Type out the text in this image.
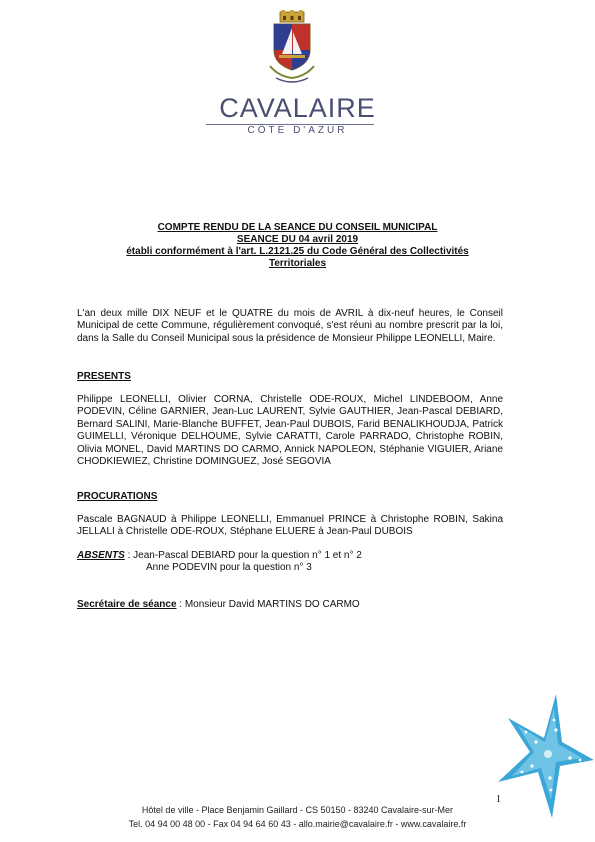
CAVALAIRE
CÔTE D'AZUR
COMPTE RENDU DE LA SEANCE DU CONSEIL MUNICIPAL
SEANCE DU 04 avril 2019
établi conformément à l'art. L.2121.25 du Code Général des Collectivités
Territoriales
L'an deux mille DIX NEUF et le QUATRE du mois de AVRIL à dix-neuf heures, le Conseil Municipal de cette Commune, régulièrement convoqué, s'est réuni au nombre prescrit par la loi, dans la Salle du Conseil Municipal sous la présidence de Monsieur Philippe LEONELLI, Maire.
PRESENTS
Philippe LEONELLI, Olivier CORNA, Christelle ODE-ROUX, Michel LINDEBOOM, Anne PODEVIN, Céline GARNIER, Jean-Luc LAURENT, Sylvie GAUTHIER, Jean-Pascal DEBIARD, Bernard SALINI, Marie-Blanche BUFFET, Jean-Paul DUBOIS, Farid BENALIKHOUDJA, Patrick GUIMELLI, Véronique DELHOUME, Sylvie CARATTI, Carole PARRADO, Christophe ROBIN, Olivia MONEL, David MARTINS DO CARMO, Annick NAPOLEON, Stéphanie VIGUIER, Ariane CHODKIEWIEZ, Christine DOMINGUEZ, José SEGOVIA
PROCURATIONS
Pascale BAGNAUD à Philippe LEONELLI, Emmanuel PRINCE à Christophe ROBIN, Sakina JELLALI à Christelle ODE-ROUX, Stéphane ELUERE à Jean-Paul DUBOIS
ABSENTS : Jean-Pascal DEBIARD pour la question n° 1 et n° 2
Anne PODEVIN pour la question n° 3
Secrétaire de séance : Monsieur David MARTINS DO CARMO
1
Hôtel de ville - Place Benjamin Gaillard - CS 50150 - 83240 Cavalaire-sur-Mer
Tel. 04 94 00 48 00 - Fax 04 94 64 60 43 - allo.mairie@cavalaire.fr - www.cavalaire.fr
